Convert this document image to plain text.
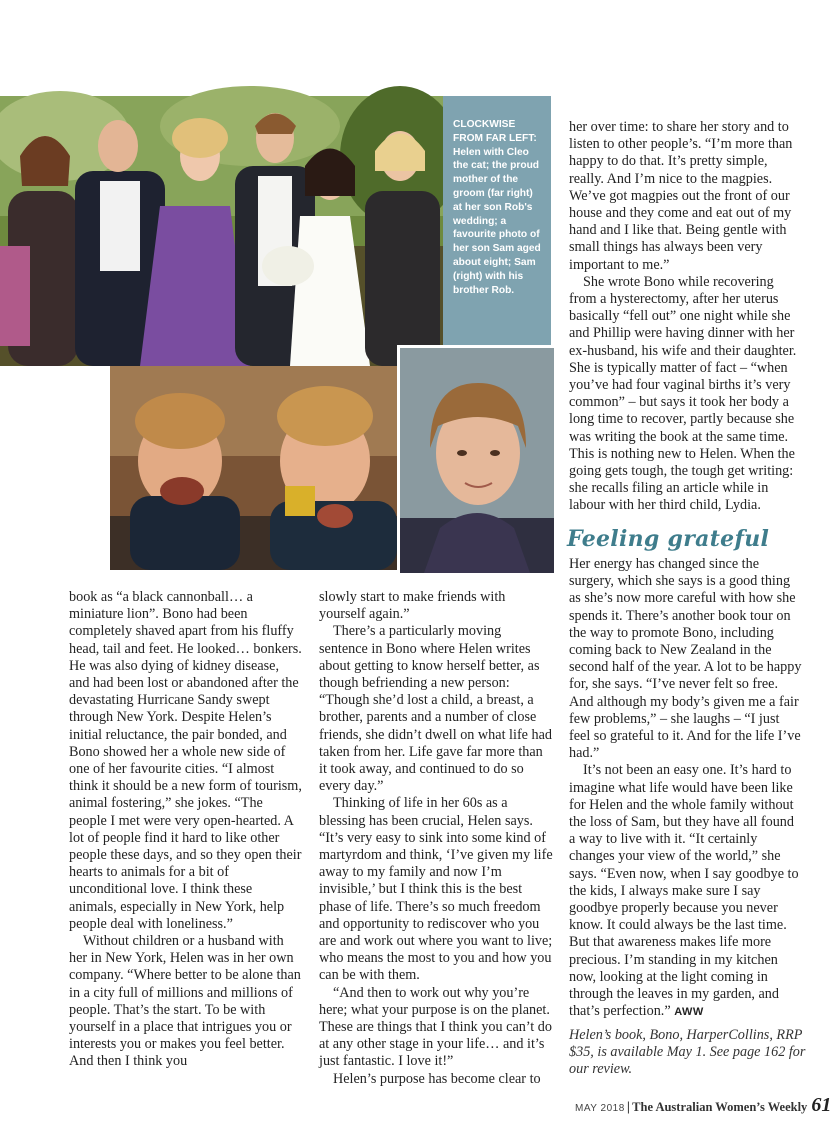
CLOCKWISE FROM FAR LEFT: Helen with Cleo the cat; the proud mother of the groom (far right) at her son Rob's wedding; a favourite photo of her son Sam aged about eight; Sam (right) with his brother Rob.

book as “a black cannonball… a miniature lion”. Bono had been completely shaved apart from his fluffy head, tail and feet. He looked… bonkers. He was also dying of kidney disease, and had been lost or abandoned after the devastating Hurricane Sandy swept through New York. Despite Helen’s initial reluctance, the pair bonded, and Bono showed her a whole new side of one of her favourite cities. “I almost think it should be a new form of tourism, animal fostering,” she jokes. “The people I met were very open-hearted. A lot of people find it hard to like other people these days, and so they open their hearts to animals for a bit of unconditional love. I think these animals, especially in New York, help people deal with loneliness.”

Without children or a husband with her in New York, Helen was in her own company. “Where better to be alone than in a city full of millions and millions of people. That’s the start. To be with yourself in a place that intrigues you or interests you or makes you feel better. And then I think you

slowly start to make friends with yourself again.”

There’s a particularly moving sentence in Bono where Helen writes about getting to know herself better, as though befriending a new person: “Though she’d lost a child, a breast, a brother, parents and a number of close friends, she didn’t dwell on what life had taken from her. Life gave far more than it took away, and continued to do so every day.”

Thinking of life in her 60s as a blessing has been crucial, Helen says. “It’s very easy to sink into some kind of martyrdom and think, ‘I’ve given my life away to my family and now I’m invisible,’ but I think this is the best phase of life. There’s so much freedom and opportunity to rediscover who you are and work out where you want to live; who means the most to you and how you can be with them.

“And then to work out why you’re here; what your purpose is on the planet. These are things that I think you can’t do at any other stage in your life… and it’s just fantastic. I love it!”

Helen’s purpose has become clear to

her over time: to share her story and to listen to other people’s. “I’m more than happy to do that. It’s pretty simple, really. And I’m nice to the magpies. We’ve got magpies out the front of our house and they come and eat out of my hand and I like that. Being gentle with small things has always been very important to me.”

She wrote Bono while recovering from a hysterectomy, after her uterus basically “fell out” one night while she and Phillip were having dinner with her ex-husband, his wife and their daughter. She is typically matter of fact – “when you’ve had four vaginal births it’s very common” – but says it took her body a long time to recover, partly because she was writing the book at the same time. This is nothing new to Helen. When the going gets tough, the tough get writing: she recalls filing an article while in labour with her third child, Lydia.

Feeling grateful

Her energy has changed since the surgery, which she says is a good thing as she’s now more careful with how she spends it. There’s another book tour on the way to promote Bono, including coming back to New Zealand in the second half of the year. A lot to be happy for, she says. “I’ve never felt so free. And although my body’s given me a fair few problems,” – she laughs – “I just feel so grateful to it. And for the life I’ve had.”

It’s not been an easy one. It’s hard to imagine what life would have been like for Helen and the whole family without the loss of Sam, but they have all found a way to live with it. “It certainly changes your view of the world,” she says. “Even now, when I say goodbye to the kids, I always make sure I say goodbye properly because you never know. It could always be the last time. But that awareness makes life more precious. I’m standing in my kitchen now, looking at the light coming in through the leaves in my garden, and that’s perfection.” AWW

Helen’s book, Bono, HarperCollins, RRP $35, is available May 1. See page 162 for our review.
MAY 2018 | The Australian Women’s Weekly 61
